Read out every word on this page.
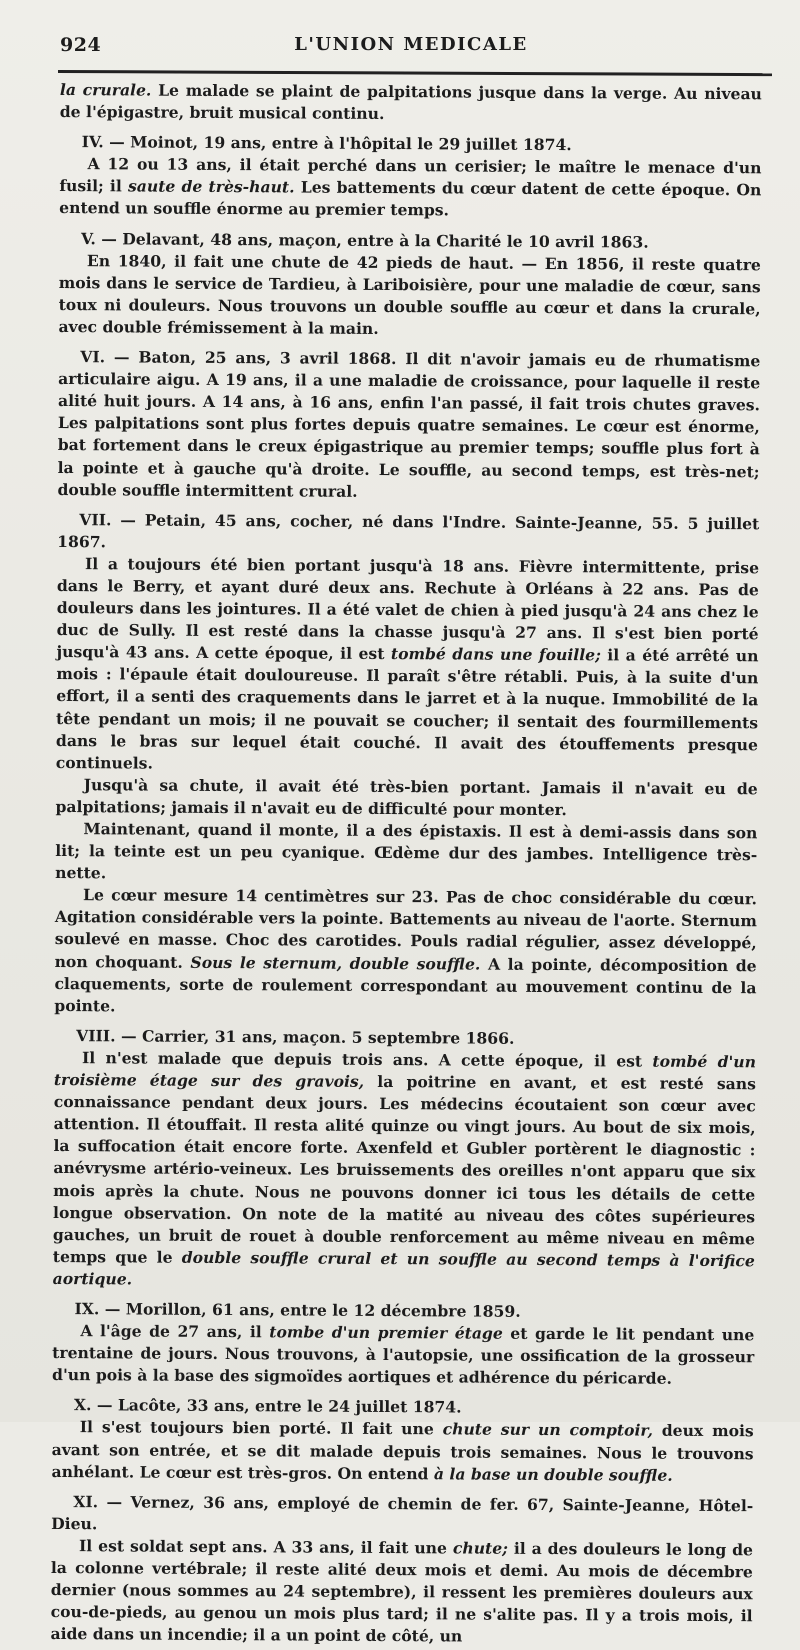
924	L'UNION MEDICALE

la crurale. Le malade se plaint de palpitations jusque dans la verge. Au niveau de l'épigastre, bruit musical continu.

IV. — Moinot, 19 ans, entre à l'hôpital le 29 juillet 1874.

A 12 ou 13 ans, il était perché dans un cerisier; le maître le menace d'un fusil; il saute de très-haut. Les battements du cœur datent de cette époque. On entend un souffle énorme au premier temps.

V. — Delavant, 48 ans, maçon, entre à la Charité le 10 avril 1863.

En 1840, il fait une chute de 42 pieds de haut. — En 1856, il reste quatre mois dans le service de Tardieu, à Lariboisière, pour une maladie de cœur, sans toux ni douleurs. Nous trouvons un double souffle au cœur et dans la crurale, avec double frémissement à la main.

VI. — Baton, 25 ans, 3 avril 1868. Il dit n'avoir jamais eu de rhumatisme articulaire aigu. A 19 ans, il a une maladie de croissance, pour laquelle il reste alité huit jours. A 14 ans, à 16 ans, enfin l'an passé, il fait trois chutes graves. Les palpitations sont plus fortes depuis quatre semaines. Le cœur est énorme, bat fortement dans le creux épigastrique au premier temps; souffle plus fort à la pointe et à gauche qu'à droite. Le souffle, au second temps, est très-net; double souffle intermittent crural.

VII. — Petain, 45 ans, cocher, né dans l'Indre. Sainte-Jeanne, 55. 5 juillet 1867.

Il a toujours été bien portant jusqu'à 18 ans. Fièvre intermittente, prise dans le Berry, et ayant duré deux ans. Rechute à Orléans à 22 ans. Pas de douleurs dans les jointures. Il a été valet de chien à pied jusqu'à 24 ans chez le duc de Sully. Il est resté dans la chasse jusqu'à 27 ans. Il s'est bien porté jusqu'à 43 ans. A cette époque, il est tombé dans une fouille; il a été arrêté un mois : l'épaule était douloureuse. Il paraît s'être rétabli. Puis, à la suite d'un effort, il a senti des craquements dans le jarret et à la nuque. Immobilité de la tête pendant un mois; il ne pouvait se coucher; il sentait des fourmillements dans le bras sur lequel était couché. Il avait des étouffements presque continuels.

Jusqu'à sa chute, il avait été très-bien portant. Jamais il n'avait eu de palpitations; jamais il n'avait eu de difficulté pour monter.

Maintenant, quand il monte, il a des épistaxis. Il est à demi-assis dans son lit; la teinte est un peu cyanique. Œdème dur des jambes. Intelligence très-nette.

Le cœur mesure 14 centimètres sur 23. Pas de choc considérable du cœur. Agitation considérable vers la pointe. Battements au niveau de l'aorte. Sternum soulevé en masse. Choc des carotides. Pouls radial régulier, assez développé, non choquant. Sous le sternum, double souffle. A la pointe, décomposition de claquements, sorte de roulement correspondant au mouvement continu de la pointe.

VIII. — Carrier, 31 ans, maçon. 5 septembre 1866.

Il n'est malade que depuis trois ans. A cette époque, il est tombé d'un troisième étage sur des gravois, la poitrine en avant, et est resté sans connaissance pendant deux jours. Les médecins écoutaient son cœur avec attention. Il étouffait. Il resta alité quinze ou vingt jours. Au bout de six mois, la suffocation était encore forte. Axenfeld et Gubler portèrent le diagnostic : anévrysme artério-veineux. Les bruissements des oreilles n'ont apparu que six mois après la chute. Nous ne pouvons donner ici tous les détails de cette longue observation. On note de la matité au niveau des côtes supérieures gauches, un bruit de rouet à double renforcement au même niveau en même temps que le double souffle crural et un souffle au second temps à l'orifice aortique.

IX. — Morillon, 61 ans, entre le 12 décembre 1859.

A l'âge de 27 ans, il tombe d'un premier étage et garde le lit pendant une trentaine de jours. Nous trouvons, à l'autopsie, une ossification de la grosseur d'un pois à la base des sigmoïdes aortiques et adhérence du péricarde.

X. — Lacôte, 33 ans, entre le 24 juillet 1874.

Il s'est toujours bien porté. Il fait une chute sur un comptoir, deux mois avant son entrée, et se dit malade depuis trois semaines. Nous le trouvons anhélant. Le cœur est très-gros. On entend à la base un double souffle.

XI. — Vernez, 36 ans, employé de chemin de fer. 67, Sainte-Jeanne, Hôtel-Dieu.

Il est soldat sept ans. A 33 ans, il fait une chute; il a des douleurs le long de la colonne vertébrale; il reste alité deux mois et demi. Au mois de décembre dernier (nous sommes au 24 septembre), il ressent les premières douleurs aux cou-de-pieds, au genou un mois plus tard; il ne s'alite pas. Il y a trois mois, il aide dans un incendie; il a un point de côté, un
